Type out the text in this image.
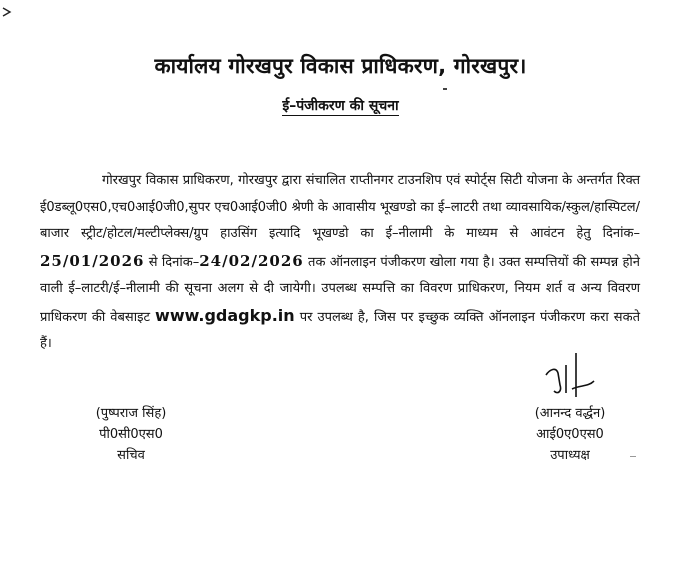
कार्यालय गोरखपुर विकास प्राधिकरण, गोरखपुर।
ई–पंजीकरण की सूचना
गोरखपुर विकास प्राधिकरण, गोरखपुर द्वारा संचालित राप्तीनगर टाउनशिप एवं स्पोर्ट्स सिटी योजना के अन्तर्गत रिक्त ई0डब्लू0एस0,एच0आई0जी0,सुपर एच0आई0जी0 श्रेणी के आवासीय भूखण्डो का ई–लाटरी तथा व्यावसायिक/स्कुल/हास्पिटल/बाजार स्ट्रीट/होटल/मल्टीप्लेक्स/ग्रुप हाउसिंग इत्यादि भूखण्डो का ई–नीलामी के माध्यम से आवंटन हेतु दिनांक–25/01/2026 से दिनांक–24/02/2026 तक ऑनलाइन पंजीकरण खोला गया है। उक्त सम्पत्तियों की सम्पन्न होने वाली ई–लाटरी/ई–नीलामी की सूचना अलग से दी जायेगी। उपलब्ध सम्पत्ति का विवरण प्राधिकरण, नियम शर्त व अन्य विवरण प्राधिकरण की वेबसाइट www.gdagkp.in पर उपलब्ध है, जिस पर इच्छुक व्यक्ति ऑनलाइन पंजीकरण करा सकते हैं।
(पुष्पराज सिंह)
पी0सी0एस0
सचिव
(आनन्द वर्द्धन)
आई0ए0एस0
उपाध्यक्ष
